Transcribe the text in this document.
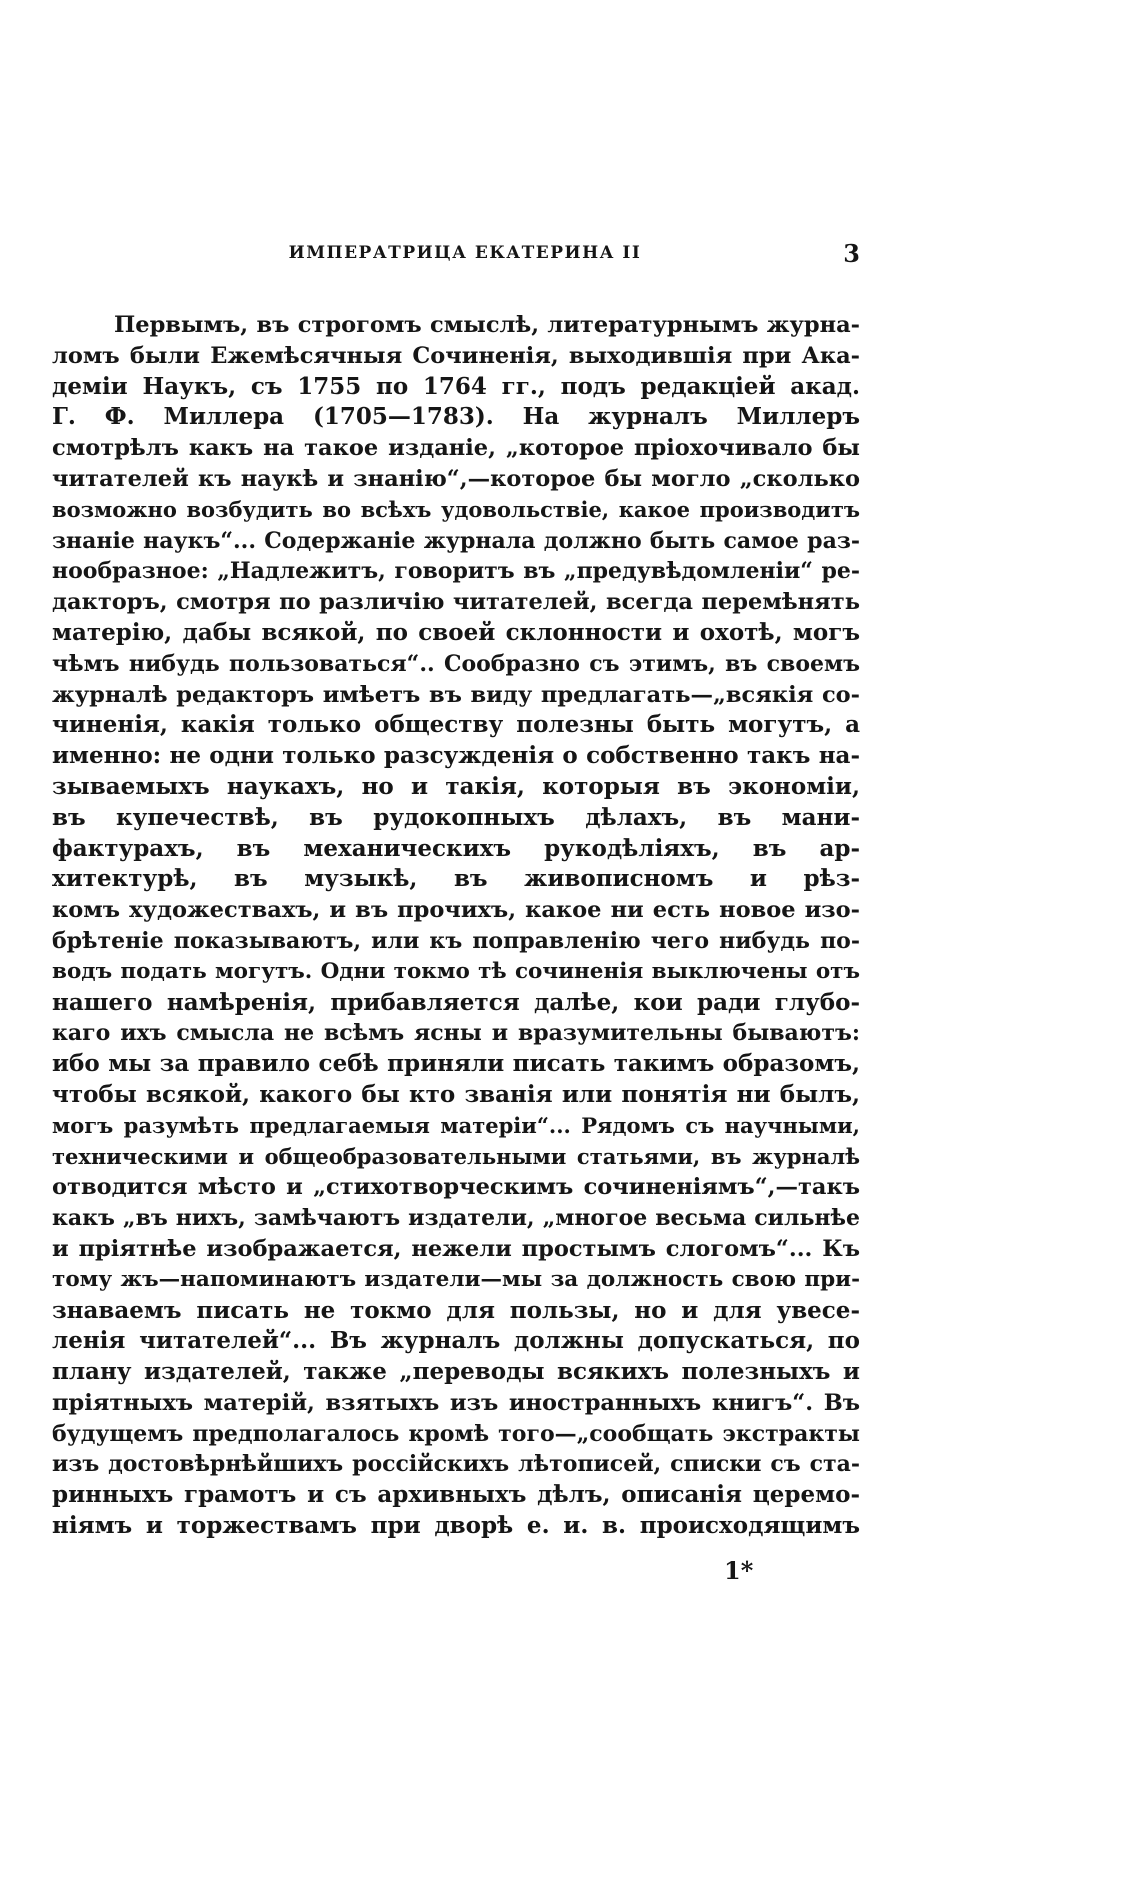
ИМПЕРАТРИЦА ЕКАТЕРИНА II	3
Первымъ, въ строгомъ смыслѣ, литературнымъ журна-
ломъ были Ежемѣсячныя Сочиненія, выходившія при Ака-
деміи Наукъ, съ 1755 по 1764 гг., подъ редакціей акад.
Г. Ф. Миллера (1705—1783). На журналъ Миллеръ
смотрѣлъ какъ на такое изданіе, „которое пріохочивало бы
читателей къ наукѣ и знанію“,—которое бы могло „сколько
возможно возбудить во всѣхъ удовольствіе, какое производитъ
знаніе наукъ“... Содержаніе журнала должно быть самое раз-
нообразное: „Надлежитъ, говоритъ въ „предувѣдомленіи“ ре-
дакторъ, смотря по различію читателей, всегда перемѣнять
матерію, дабы всякой, по своей склонности и охотѣ, могъ
чѣмъ нибудь пользоваться“.. Сообразно съ этимъ, въ своемъ
журналѣ редакторъ имѣетъ въ виду предлагать—„всякія со-
чиненія, какія только обществу полезны быть могутъ, а
именно: не одни только разсужденія о собственно такъ на-
зываемыхъ наукахъ, но и такія, которыя въ экономіи,
въ купечествѣ, въ рудокопныхъ дѣлахъ, въ мани-
фактурахъ, въ механическихъ рукодѣліяхъ, въ ар-
хитектурѣ, въ музыкѣ, въ живописномъ и рѣз-
комъ художествахъ, и въ прочихъ, какое ни есть новое изо-
брѣтеніе показываютъ, или къ поправленію чего нибудь по-
водъ подать могутъ. Одни токмо тѣ сочиненія выключены отъ
нашего намѣренія, прибавляется далѣе, кои ради глубо-
каго ихъ смысла не всѣмъ ясны и вразумительны бываютъ:
ибо мы за правило себѣ приняли писать такимъ образомъ,
чтобы всякой, какого бы кто званія или понятія ни былъ,
могъ разумѣть предлагаемыя матеріи“... Рядомъ съ научными,
техническими и общеобразовательными статьями, въ журналѣ
отводится мѣсто и „стихотворческимъ сочиненіямъ“,—такъ
какъ „въ нихъ, замѣчаютъ издатели, „многое весьма сильнѣе
и пріятнѣе изображается, нежели простымъ слогомъ“... Къ
тому жъ—напоминаютъ издатели—мы за должность свою при-
знаваемъ писать не токмо для пользы, но и для увесе-
ленія читателей“... Въ журналъ должны допускаться, по
плану издателей, также „переводы всякихъ полезныхъ и
пріятныхъ матерій, взятыхъ изъ иностранныхъ книгъ“. Въ
будущемъ предполагалось кромѣ того—„сообщать экстракты
изъ достовѣрнѣйшихъ россійскихъ лѣтописей, списки съ ста-
ринныхъ грамотъ и съ архивныхъ дѣлъ, описанія церемо-
ніямъ и торжествамъ при дворѣ е. и. в. происходящимъ
1*
